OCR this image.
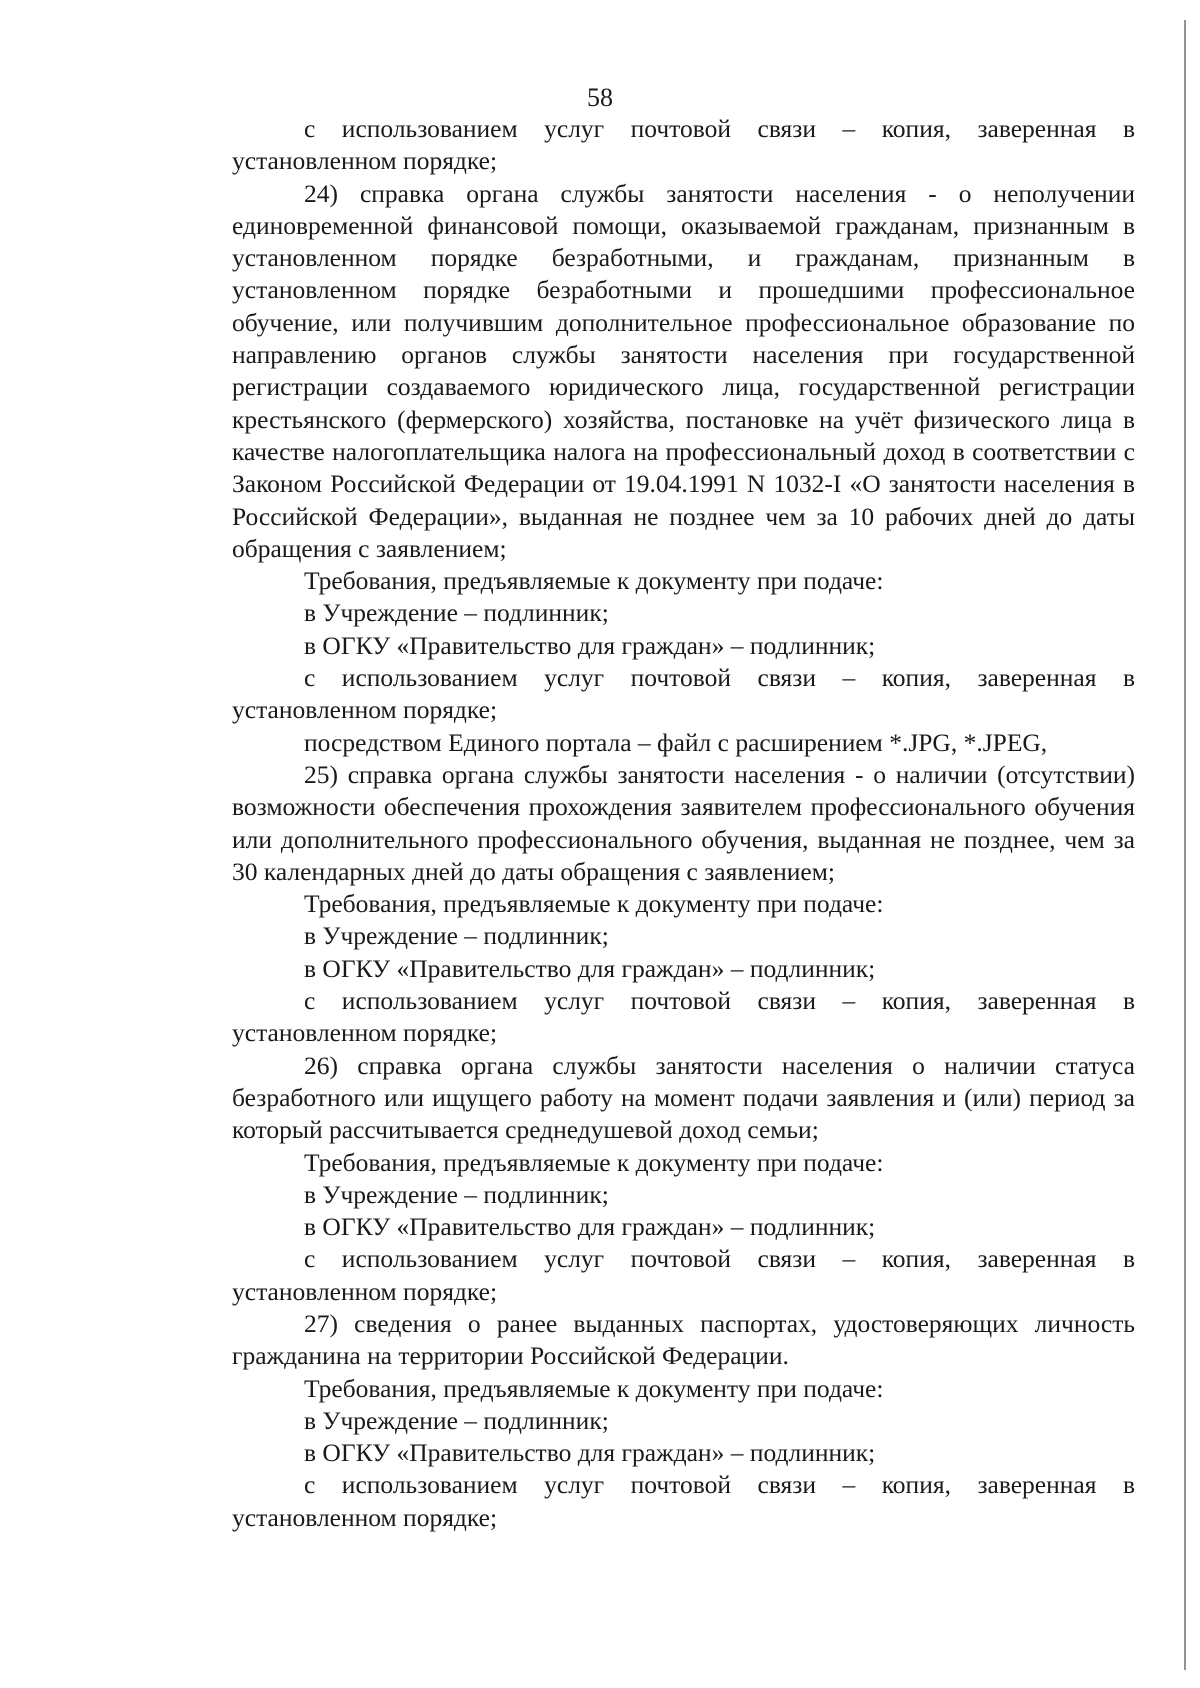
58

с использованием услуг почтовой связи – копия, заверенная в установленном порядке;

24) справка органа службы занятости населения - о неполучении единовременной финансовой помощи, оказываемой гражданам, признанным в установленном порядке безработными, и гражданам, признанным в установленном порядке безработными и прошедшими профессиональное обучение, или получившим дополнительное профессиональное образование по направлению органов службы занятости населения при государственной регистрации создаваемого юридического лица, государственной регистрации крестьянского (фермерского) хозяйства, постановке на учёт физического лица в качестве налогоплательщика налога на профессиональный доход в соответствии с Законом Российской Федерации от 19.04.1991 N 1032-I «О занятости населения в Российской Федерации», выданная не позднее чем за 10 рабочих дней до даты обращения с заявлением;

Требования, предъявляемые к документу при подаче:

в Учреждение – подлинник;

в ОГКУ «Правительство для граждан» – подлинник;

с использованием услуг почтовой связи – копия, заверенная в установленном порядке;

посредством Единого портала – файл с расширением *.JPG, *.JPEG,

25) справка органа службы занятости населения - о наличии (отсутствии) возможности обеспечения прохождения заявителем профессионального обучения или дополнительного профессионального обучения, выданная не позднее, чем за 30 календарных дней до даты обращения с заявлением;

Требования, предъявляемые к документу при подаче:

в Учреждение – подлинник;

в ОГКУ «Правительство для граждан» – подлинник;

с использованием услуг почтовой связи – копия, заверенная в установленном порядке;

26) справка органа службы занятости населения о наличии статуса безработного или ищущего работу на момент подачи заявления и (или) период за который рассчитывается среднедушевой доход семьи;

Требования, предъявляемые к документу при подаче:

в Учреждение – подлинник;

в ОГКУ «Правительство для граждан» – подлинник;

с использованием услуг почтовой связи – копия, заверенная в установленном порядке;

27) сведения о ранее выданных паспортах, удостоверяющих личность гражданина на территории Российской Федерации.

Требования, предъявляемые к документу при подаче:

в Учреждение – подлинник;

в ОГКУ «Правительство для граждан» – подлинник;

с использованием услуг почтовой связи – копия, заверенная в установленном порядке;
